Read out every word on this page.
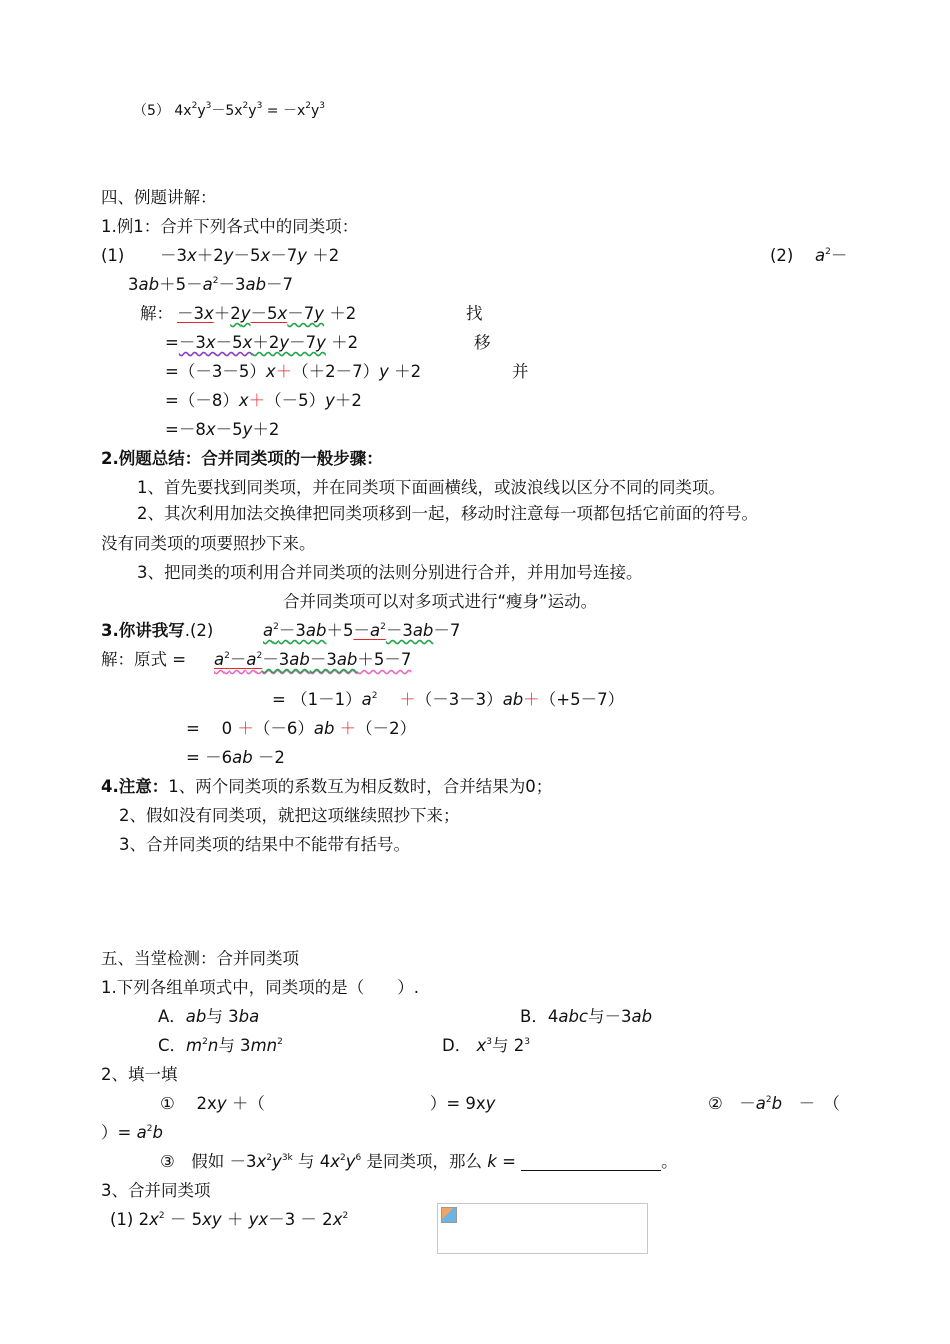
（5） $4x^2y^3-5x^2y^3 = -x^2y^3$
四、例题讲解：
1.例1：合并下列各式中的同类项：
(1) －3x＋2y－5x－7y ＋2	(2) $a^2-$
$3ab+5-a^2-3ab-7$
解： －3x＋2y－5x－7y ＋2	找
=－3x－5x＋2y－7y ＋2	移
=（－3－5）x＋（＋2－7）y ＋2	并
=（－8）x＋（－5）y＋2
=－8x－5y＋2
2.例题总结：合并同类项的一般步骤：
1、首先要找到同类项，并在同类项下面画横线，或波浪线以区分不同的同类项。
2、其次利用加法交换律把同类项移到一起，移动时注意每一项都包括它前面的符号。
没有同类项的项要照抄下来。
3、把同类的项利用合并同类项的法则分别进行合并，并用加号连接。
合并同类项可以对多项式进行“瘦身”运动。
3.你讲我写.(2)	$a^2-3ab+5-a^2-3ab-7$
解：原式 = $a^2-a^2-3ab-3ab+5-7$
= $(1-1)a^2$　 ＋（－3－3）ab＋（+5－7）
= 　0 ＋（－6）ab ＋（－2）
= －6ab －2
4.注意：1、两个同类项的系数互为相反数时，合并结果为0；
2、假如没有同类项，就把这项继续照抄下来；
3、合并同类项的结果中不能带有括号。
五、当堂检测：合并同类项
1.下列各组单项式中，同类项的是（　　）.
A．ab与 3ba	B．4abc与－3ab
C．$m^2n$与 $3mn^2$	D． $x^3$与 $2^3$
2、填一填
①　 2xy ＋（　　　　　　　　　　）= 9xy	②　$-a^2b$　－　（
）= $a^2b$
③　假如 $-3x^2y^{3k}$ 与 $4x^2y^6$ 是同类项，那么 k =	。
3、合并同类项
(1) $2x^2 - 5xy + yx-3 - 2x^2$
